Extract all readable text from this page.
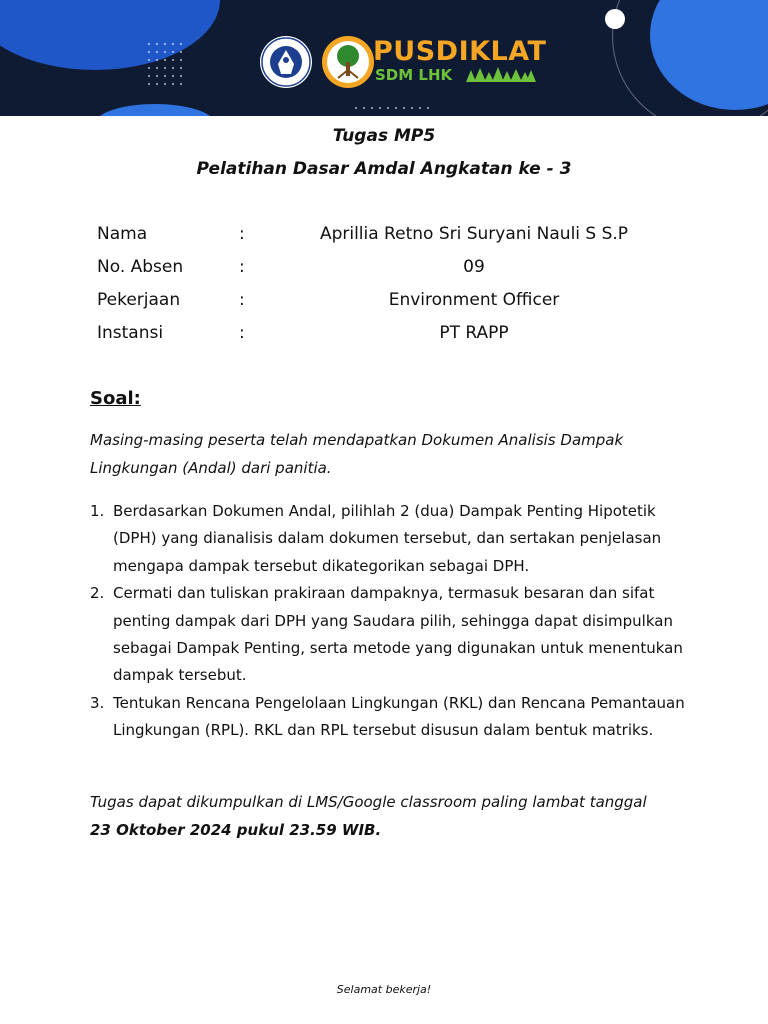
PUSDIKLAT
SDM LHK
Tugas MP5
Pelatihan Dasar Amdal Angkatan ke - 3
Nama	:	Aprillia Retno Sri Suryani Nauli S S.P
No. Absen	:	09
Pekerjaan	:	Environment Officer
Instansi	:	PT RAPP
Soal:
Masing-masing peserta telah mendapatkan Dokumen Analisis Dampak Lingkungan (Andal) dari panitia.
1. Berdasarkan Dokumen Andal, pilihlah 2 (dua) Dampak Penting Hipotetik (DPH) yang dianalisis dalam dokumen tersebut, dan sertakan penjelasan mengapa dampak tersebut dikategorikan sebagai DPH.
2. Cermati dan tuliskan prakiraan dampaknya, termasuk besaran dan sifat penting dampak dari DPH yang Saudara pilih, sehingga dapat disimpulkan sebagai Dampak Penting, serta metode yang digunakan untuk menentukan dampak tersebut.
3. Tentukan Rencana Pengelolaan Lingkungan (RKL) dan Rencana Pemantauan Lingkungan (RPL). RKL dan RPL tersebut disusun dalam bentuk matriks.
Tugas dapat dikumpulkan di LMS/Google classroom paling lambat tanggal
23 Oktober 2024 pukul 23.59 WIB.
Selamat bekerja!
